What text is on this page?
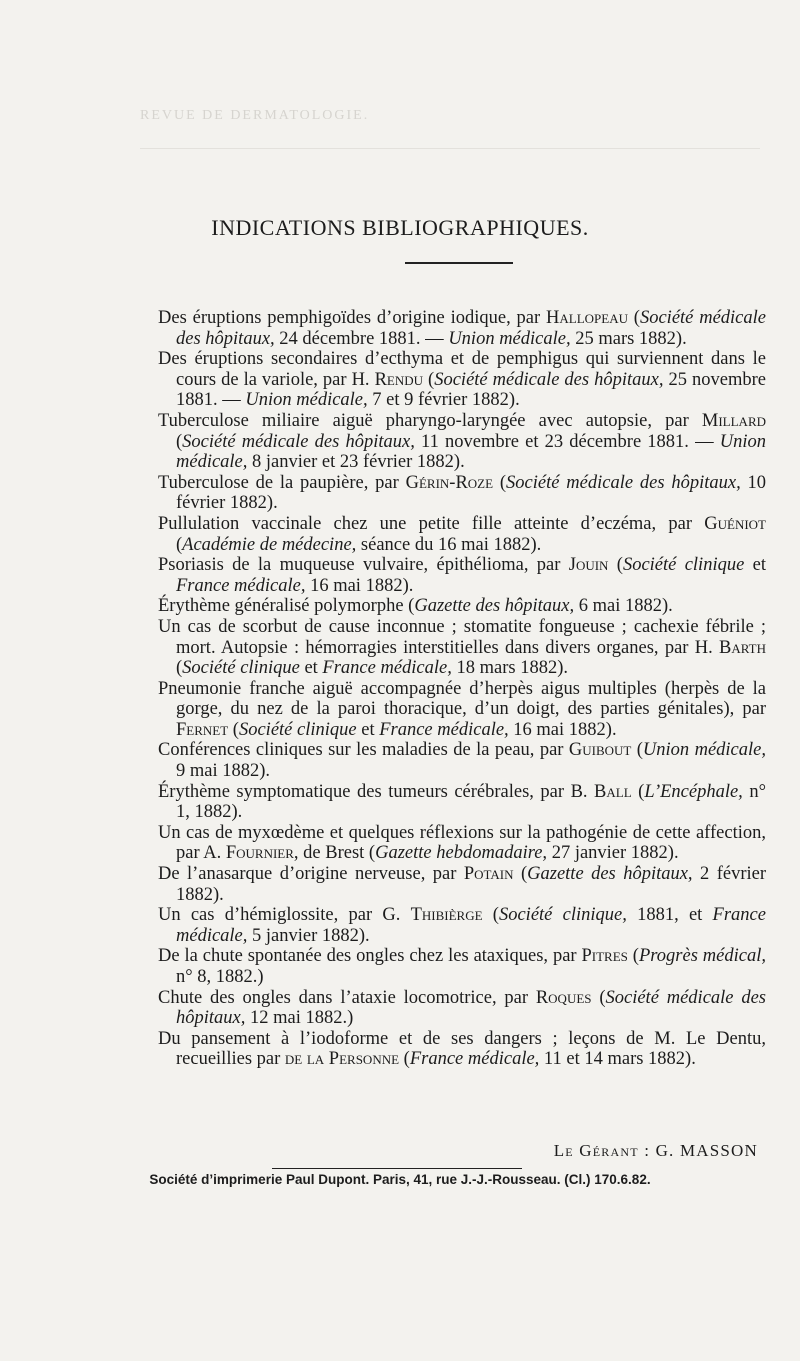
REVUE DE DERMATOLOGIE.
INDICATIONS BIBLIOGRAPHIQUES.
Des éruptions pemphigoïdes d’origine iodique, par Hallopeau (Société médicale des hôpitaux, 24 décembre 1881. — Union médicale, 25 mars 1882).
Des éruptions secondaires d’ecthyma et de pemphigus qui surviennent dans le cours de la variole, par H. Rendu (Société médicale des hôpitaux, 25 novembre 1881. — Union médicale, 7 et 9 février 1882).
Tuberculose miliaire aiguë pharyngo-laryngée avec autopsie, par Millard (Société médicale des hôpitaux, 11 novembre et 23 décembre 1881. — Union médicale, 8 janvier et 23 février 1882).
Tuberculose de la paupière, par Gérin-Roze (Société médicale des hôpitaux, 10 février 1882).
Pullulation vaccinale chez une petite fille atteinte d’eczéma, par Guéniot (Académie de médecine, séance du 16 mai 1882).
Psoriasis de la muqueuse vulvaire, épithélioma, par Jouin (Société clinique et France médicale, 16 mai 1882).
Érythème généralisé polymorphe (Gazette des hôpitaux, 6 mai 1882).
Un cas de scorbut de cause inconnue ; stomatite fongueuse ; cachexie fébrile ; mort. Autopsie : hémorragies interstitielles dans divers organes, par H. Barth (Société clinique et France médicale, 18 mars 1882).
Pneumonie franche aiguë accompagnée d’herpès aigus multiples (herpès de la gorge, du nez de la paroi thoracique, d’un doigt, des parties génitales), par Fernet (Société clinique et France médicale, 16 mai 1882).
Conférences cliniques sur les maladies de la peau, par Guibout (Union médicale, 9 mai 1882).
Érythème symptomatique des tumeurs cérébrales, par B. Ball (L’Encéphale, n° 1, 1882).
Un cas de myxœdème et quelques réflexions sur la pathogénie de cette affection, par A. Fournier, de Brest (Gazette hebdomadaire, 27 janvier 1882).
De l’anasarque d’origine nerveuse, par Potain (Gazette des hôpitaux, 2 février 1882).
Un cas d’hémiglossite, par G. Thibièrge (Société clinique, 1881, et France médicale, 5 janvier 1882).
De la chute spontanée des ongles chez les ataxiques, par Pitres (Progrès médical, n° 8, 1882.)
Chute des ongles dans l’ataxie locomotrice, par Roques (Société médicale des hôpitaux, 12 mai 1882.)
Du pansement à l’iodoforme et de ses dangers ; leçons de M. Le Dentu, recueillies par de la Personne (France médicale, 11 et 14 mars 1882).
Le Gérant : G. MASSON
Société d’imprimerie Paul Dupont. Paris, 41, rue J.-J.-Rousseau. (Cl.) 170.6.82.
